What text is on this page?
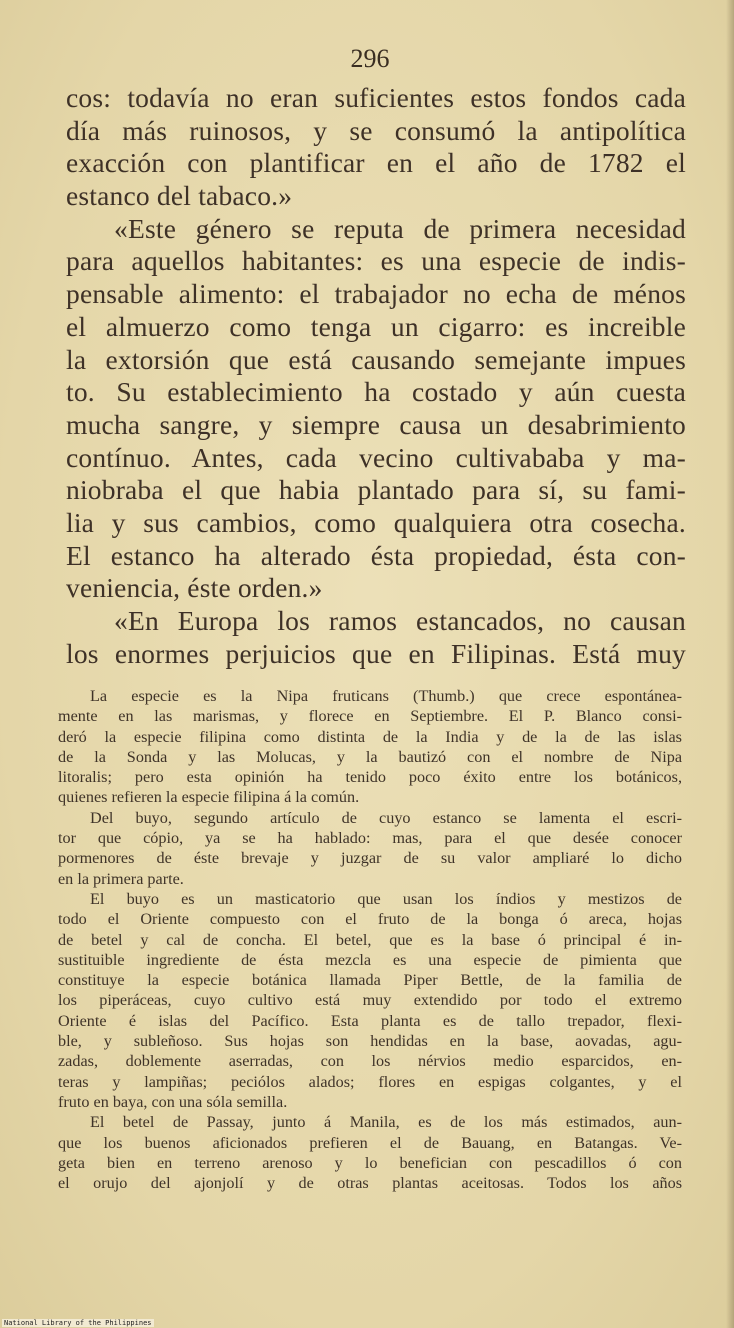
296
cos: todavía no eran suficientes estos fondos cada
día más ruinosos, y se consumó la antipolítica
exacción con plantificar en el año de 1782 el
estanco del tabaco.»
«Este género se reputa de primera necesidad
para aquellos habitantes: es una especie de indis-
pensable alimento: el trabajador no echa de ménos
el almuerzo como tenga un cigarro: es increible
la extorsión que está causando semejante impues
to. Su establecimiento ha costado y aún cuesta
mucha sangre, y siempre causa un desabrimiento
contínuo. Antes, cada vecino cultivababa y ma-
niobraba el que habia plantado para sí, su fami-
lia y sus cambios, como qualquiera otra cosecha.
El estanco ha alterado ésta propiedad, ésta con-
veniencia, éste orden.»
«En Europa los ramos estancados, no causan
los enormes perjuicios que en Filipinas. Está muy
La especie es la Nipa fruticans (Thumb.) que crece espontánea-
mente en las marismas, y florece en Septiembre. El P. Blanco consi-
deró la especie filipina como distinta de la India y de la de las islas
de la Sonda y las Molucas, y la bautizó con el nombre de Nipa
litoralis; pero esta opinión ha tenido poco éxito entre los botánicos,
quienes refieren la especie filipina á la común.
Del buyo, segundo artículo de cuyo estanco se lamenta el escri-
tor que cópio, ya se ha hablado: mas, para el que desée conocer
pormenores de éste brevaje y juzgar de su valor ampliaré lo dicho
en la primera parte.
El buyo es un masticatorio que usan los índios y mestizos de
todo el Oriente compuesto con el fruto de la bonga ó areca, hojas
de betel y cal de concha. El betel, que es la base ó principal é in-
sustituible ingrediente de ésta mezcla es una especie de pimienta que
constituye la especie botánica llamada Piper Bettle, de la familia de
los piperáceas, cuyo cultivo está muy extendido por todo el extremo
Oriente é islas del Pacífico. Esta planta es de tallo trepador, flexi-
ble, y subleñoso. Sus hojas son hendidas en la base, aovadas, agu-
zadas, doblemente aserradas, con los nérvios medio esparcidos, en-
teras y lampiñas; peciólos alados; flores en espigas colgantes, y el
fruto en baya, con una sóla semilla.
El betel de Passay, junto á Manila, es de los más estimados, aun-
que los buenos aficionados prefieren el de Bauang, en Batangas. Ve-
geta bien en terreno arenoso y lo benefician con pescadillos ó con
el orujo del ajonjolí y de otras plantas aceitosas. Todos los años
National Library of the Philippines
